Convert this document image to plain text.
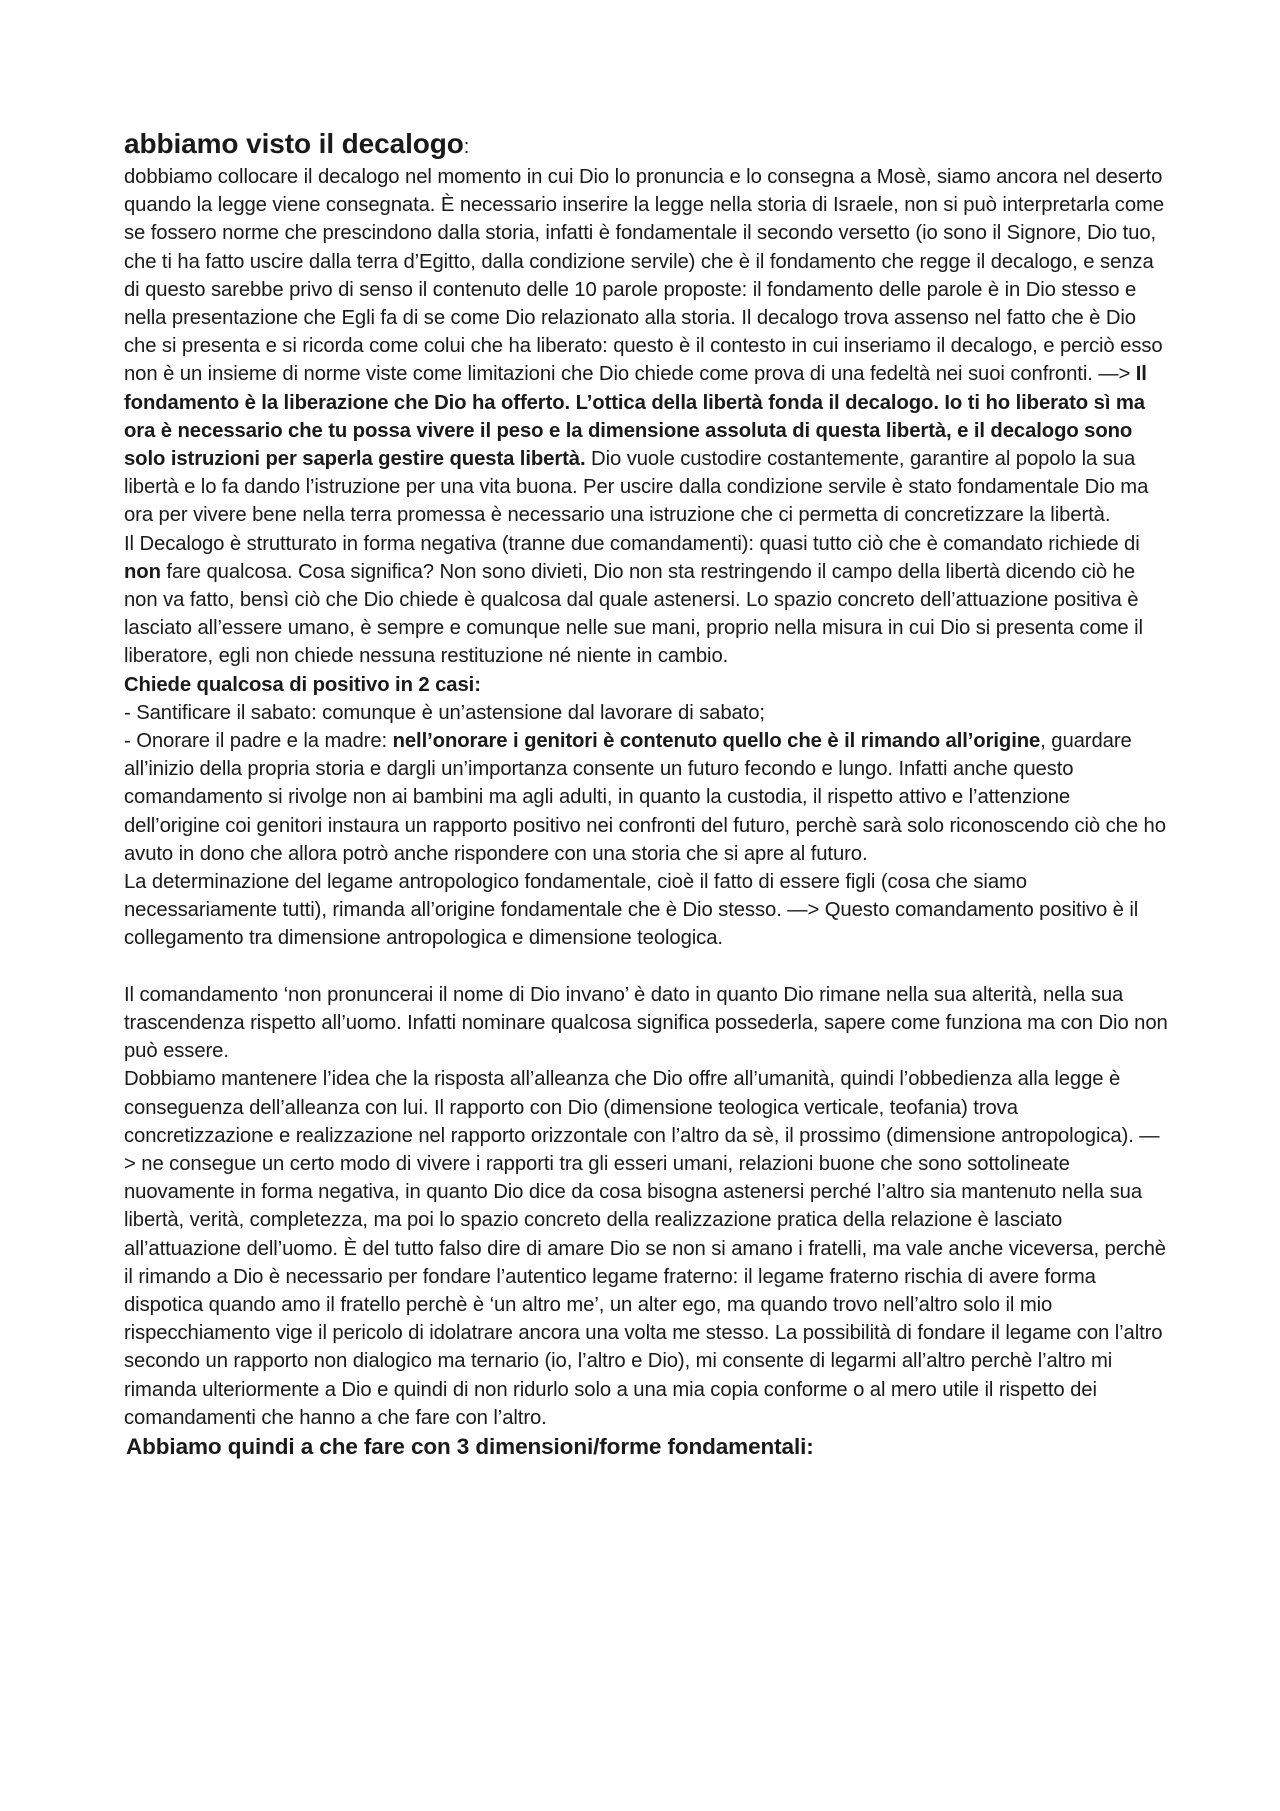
abbiamo visto il decalogo:

dobbiamo collocare il decalogo nel momento in cui Dio lo pronuncia e lo consegna a Mosè, siamo ancora nel deserto quando la legge viene consegnata. È necessario inserire la legge nella storia di Israele, non si può interpretarla come se fossero norme che prescindono dalla storia, infatti è fondamentale il secondo versetto (io sono il Signore, Dio tuo, che ti ha fatto uscire dalla terra d’Egitto, dalla condizione servile) che è il fondamento che regge il decalogo, e senza di questo sarebbe privo di senso il contenuto delle 10 parole proposte: il fondamento delle parole è in Dio stesso e nella presentazione che Egli fa di se come Dio relazionato alla storia. Il decalogo trova assenso nel fatto che è Dio che si presenta e si ricorda come colui che ha liberato: questo è il contesto in cui inseriamo il decalogo, e perciò esso non è un insieme di norme viste come limitazioni che Dio chiede come prova di una fedeltà nei suoi confronti. —> Il fondamento è la liberazione che Dio ha offerto. L’ottica della libertà fonda il decalogo. Io ti ho liberato sì ma ora è necessario che tu possa vivere il peso e la dimensione assoluta di questa libertà, e il decalogo sono solo istruzioni per saperla gestire questa libertà. Dio vuole custodire costantemente, garantire al popolo la sua libertà e lo fa dando l’istruzione per una vita buona. Per uscire dalla condizione servile è stato fondamentale Dio ma ora per vivere bene nella terra promessa è necessario una istruzione che ci permetta di concretizzare la libertà.

Il Decalogo è strutturato in forma negativa (tranne due comandamenti): quasi tutto ciò che è comandato richiede di non fare qualcosa. Cosa significa? Non sono divieti, Dio non sta restringendo il campo della libertà dicendo ciò he non va fatto, bensì ciò che Dio chiede è qualcosa dal quale astenersi. Lo spazio concreto dell’attuazione positiva è lasciato all’essere umano, è sempre e comunque nelle sue mani, proprio nella misura in cui Dio si presenta come il liberatore, egli non chiede nessuna restituzione né niente in cambio.

Chiede qualcosa di positivo in 2 casi:

- Santificare il sabato: comunque è un’astensione dal lavorare di sabato;

- Onorare il padre e la madre: nell’onorare i genitori è contenuto quello che è il rimando all’origine, guardare all’inizio della propria storia e dargli un’importanza consente un futuro fecondo e lungo. Infatti anche questo comandamento si rivolge non ai bambini ma agli adulti, in quanto la custodia, il rispetto attivo e l’attenzione dell’origine coi genitori instaura un rapporto positivo nei confronti del futuro, perchè sarà solo riconoscendo ciò che ho avuto in dono che allora potrò anche rispondere con una storia che si apre al futuro.

La determinazione del legame antropologico fondamentale, cioè il fatto di essere figli (cosa che siamo necessariamente tutti), rimanda all’origine fondamentale che è Dio stesso. —> Questo comandamento positivo è il collegamento tra dimensione antropologica e dimensione teologica.

Il comandamento ‘non pronuncerai il nome di Dio invano’ è dato in quanto Dio rimane nella sua alterità, nella sua trascendenza rispetto all’uomo. Infatti nominare qualcosa significa possederla, sapere come funziona ma con Dio non può essere.

Dobbiamo mantenere l’idea che la risposta all’alleanza che Dio offre all’umanità, quindi l’obbedienza alla legge è conseguenza dell’alleanza con lui. Il rapporto con Dio (dimensione teologica verticale, teofania) trova concretizzazione e realizzazione nel rapporto orizzontale con l’altro da sè, il prossimo (dimensione antropologica). —> ne consegue un certo modo di vivere i rapporti tra gli esseri umani, relazioni buone che sono sottolineate nuovamente in forma negativa, in quanto Dio dice da cosa bisogna astenersi perché l’altro sia mantenuto nella sua libertà, verità, completezza, ma poi lo spazio concreto della realizzazione pratica della relazione è lasciato all’attuazione dell’uomo. È del tutto falso dire di amare Dio se non si amano i fratelli, ma vale anche viceversa, perchè il rimando a Dio è necessario per fondare l’autentico legame fraterno: il legame fraterno rischia di avere forma dispotica quando amo il fratello perchè è ‘un altro me’, un alter ego, ma quando trovo nell’altro solo il mio rispecchiamento vige il pericolo di idolatrare ancora una volta me stesso. La possibilità di fondare il legame con l’altro secondo un rapporto non dialogico ma ternario (io, l’altro e Dio), mi consente di legarmi all’altro perchè l’altro mi rimanda ulteriormente a Dio e quindi di non ridurlo solo a una mia copia conforme o al mero utile il rispetto dei comandamenti che hanno a che fare con l’altro.

Abbiamo quindi a che fare con 3 dimensioni/forme fondamentali:
